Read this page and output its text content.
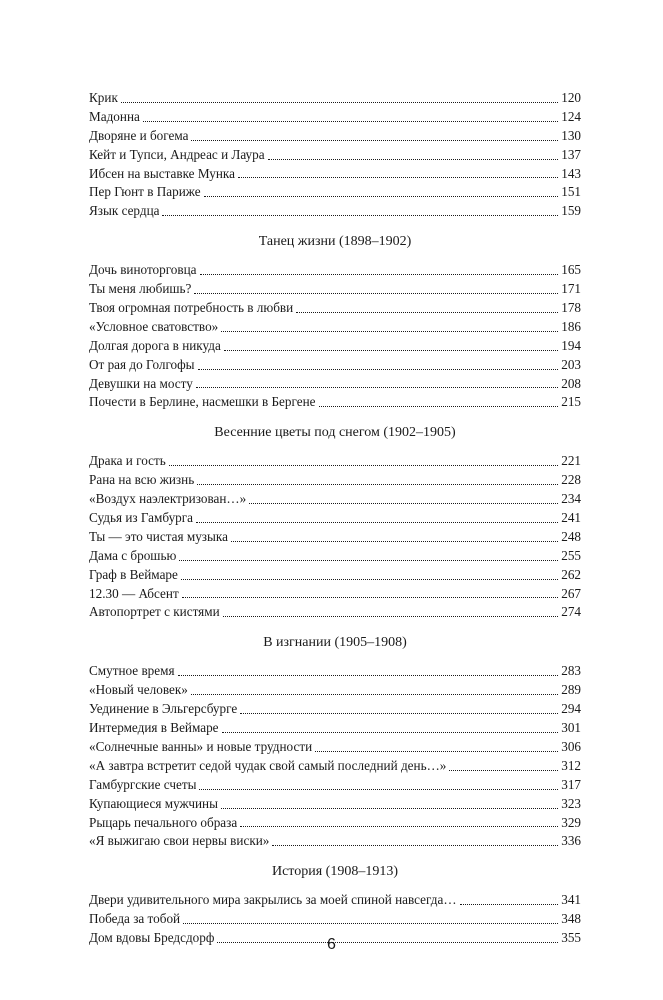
Крик	120
Мадонна	124
Дворяне и богема	130
Кейт и Тупси, Андреас и Лаура	137
Ибсен на выставке Мунка	143
Пер Гюнт в Париже	151
Язык сердца	159
Танец жизни (1898–1902)
Дочь виноторговца	165
Ты меня любишь?	171
Твоя огромная потребность в любви	178
«Условное сватовство»	186
Долгая дорога в никуда	194
От рая до Голгофы	203
Девушки на мосту	208
Почести в Берлине, насмешки в Бергене	215
Весенние цветы под снегом (1902–1905)
Драка и гость	221
Рана на всю жизнь	228
«Воздух наэлектризован…»	234
Судья из Гамбурга	241
Ты — это чистая музыка	248
Дама с брошью	255
Граф в Веймаре	262
12.30 — Абсент	267
Автопортрет с кистями	274
В изгнании (1905–1908)
Смутное время	283
«Новый человек»	289
Уединение в Эльгерсбурге	294
Интермедия в Веймаре	301
«Солнечные ванны» и новые трудности	306
«А завтра встретит седой чудак свой самый последний день…»	312
Гамбургские счеты	317
Купающиеся мужчины	323
Рыцарь печального образа	329
«Я выжигаю свои нервы виски»	336
История (1908–1913)
Двери удивительного мира закрылись за моей спиной навсегда…	341
Победа за тобой	348
Дом вдовы Бредсдорф	355
6
